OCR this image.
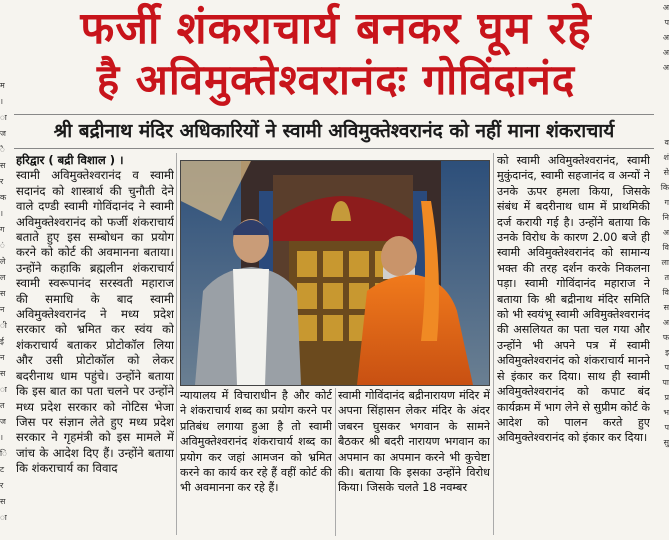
म
।
ा
ज
ै
स
र
क
।
ग
ं
ले
ल
स
न
ी
ई
न
स
ा
त
ज
।
ि
ट
र
स
ा
अ
प
अ
अ
अ

व
शं
से
कि
ग
नि
अ
वि
ला
त
वि
स
अ
फ
इ
प
पा
प्र
भ
प
सु
फर्जी शंकराचार्य बनकर घूम रहे
है अविमुक्तेश्वरानंदः गोविंदानंद
श्री बद्रीनाथ मंदिर अधिकारियों ने स्वामी अविमुक्तेश्वरानंद को नहीं माना शंकराचार्य

हरिद्वार ( बद्री विशाल ) ।

स्वामी अविमुक्तेश्वरानंद व स्वामी सदानंद को शास्त्रार्थ की चुनौती देने वाले दण्डी स्वामी गोविंदानंद ने स्वामी अविमुक्तेश्वरानंद को फर्जी शंकराचार्य बताते हुए इस सम्बोधन का प्रयोग करने को कोर्ट की अवमानना बताया। उन्होंने कहाकि ब्रह्मलीन शंकराचार्य स्वामी स्वरूपानंद सरस्वती महाराज की समाधि के बाद स्वामी अविमुक्तेश्वरानंद ने मध्य प्रदेश सरकार को भ्रमित कर स्वंय को शंकराचार्य बताकर प्रोटोकॉल लिया और उसी प्रोटोकॉल को लेकर बदरीनाथ धाम पहुंचे। उन्होंने बताया कि इस बात का पता चलने पर उन्होंने मध्य प्रदेश सरकार को नोटिस भेजा जिस पर संज्ञान लेते हुए मध्य प्रदेश सरकार ने गृहमंत्री को इस मामले में जांच के आदेश दिए हैं। उन्होंने बताया कि शंकराचार्य का विवाद

न्यायालय में विचाराधीन है और कोर्ट ने शंकराचार्य शब्द का प्रयोग करने पर प्रतिबंध लगाया हुआ है तो स्वामी अविमुक्तेश्वरानंद शंकराचार्य शब्द का प्रयोग कर जहां आमजन को भ्रमित करने का कार्य कर रहे हैं वहीं कोर्ट की भी अवमानना कर रहे हैं।

स्वामी गोविंदानंद बद्रीनारायण मंदिर में अपना सिंहासन लेकर मंदिर के अंदर जबरन घुसकर भगवान के सामने बैठकर श्री बदरी नारायण भगवान का अपमान का अपमान करने भी कुचेष्टा की। बताया कि इसका उन्होंने विरोध किया। जिसके चलते 18 नवम्बर

को स्वामी अविमुक्तेश्वरानंद, स्वामी मुकुंदानंद, स्वामी सहजानंद व अन्यों ने उनके ऊपर हमला किया, जिसके संबंध में बदरीनाथ धाम में प्राथमिकी दर्ज करायी गई है। उन्होंने बताया कि उनके विरोध के कारण 2.00 बजे ही स्वामी अविमुक्तेश्वरानंद को सामान्य भक्त की तरह दर्शन करके निकलना पड़ा। स्वामी गोविंदानंद महाराज ने बताया कि श्री बद्रीनाथ मंदिर समिति को भी स्वयंभू स्वामी अविमुक्तेश्वरानंद की असलियत का पता चल गया और उन्होंने भी अपने पत्र में स्वामी अविमुक्तेश्वरानंद को शंकराचार्य मानने से इंकार कर दिया। साथ ही स्वामी अविमुक्तेश्वरानंद को कपाट बंद कार्यक्रम में भाग लेने से सुप्रीम कोर्ट के आदेश को पालन करते हुए अविमुक्तेश्वरानंद को इंकार कर दिया।
